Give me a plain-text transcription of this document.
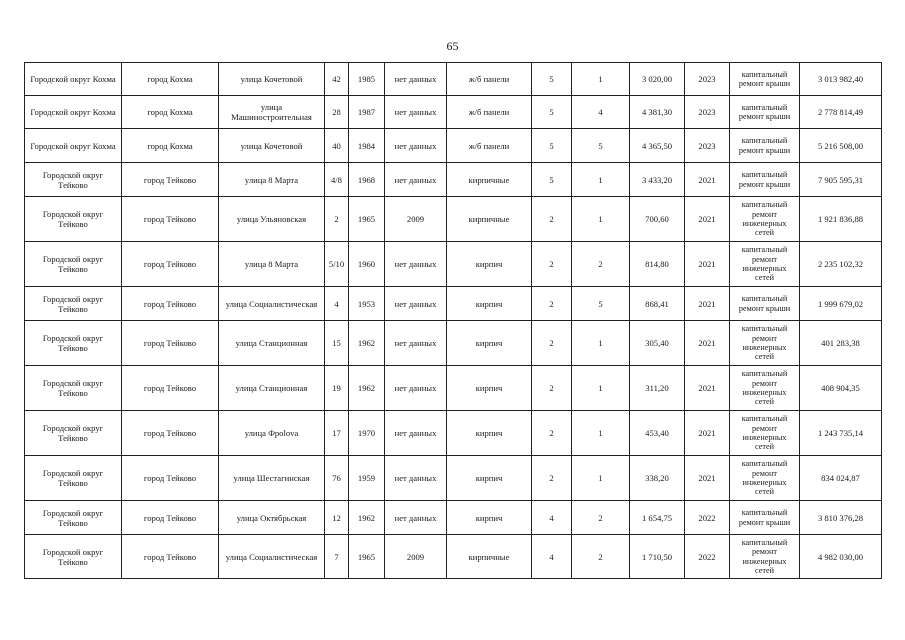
65
Городской округ Кохма	город Кохма	улица Кочетовой	42	1985	нет данных	ж/б панели	5	1	3 020,00	2023	капитальный ремонт крыши	3 013 982,40
Городской округ Кохма	город Кохма	улица Машиностроительная	28	1987	нет данных	ж/б панели	5	4	4 381,30	2023	капитальный ремонт крыши	2 778 814,49
Городской округ Кохма	город Кохма	улица Кочетовой	40	1984	нет данных	ж/б панели	5	5	4 365,50	2023	капитальный ремонт крыши	5 216 508,00
Городской округ Тейково	город Тейково	улица 8 Марта	4/8	1968	нет данных	кирпичные	5	1	3 433,20	2021	капитальный ремонт крыши	7 905 595,31
Городской округ Тейково	город Тейково	улица Ульяновская	2	1965	2009	кирпичные	2	1	700,60	2021	капитальный ремонт инженерных сетей	1 921 836,88
Городской округ Тейково	город Тейково	улица 8 Марта	5/10	1960	нет данных	кирпич	2	2	814,80	2021	капитальный ремонт инженерных сетей	2 235 102,32
Городской округ Тейково	город Тейково	улица Социалистическая	4	1953	нет данных	кирпич	2	5	868,41	2021	капитальный ремонт крыши	1 999 679,02
Городской округ Тейково	город Тейково	улица Станционная	15	1962	нет данных	кирпич	2	1	305,40	2021	капитальный ремонт инженерных сетей	401 283,38
Городской округ Тейково	город Тейково	улица Станционная	19	1962	нет данных	кирпич	2	1	311,20	2021	капитальный ремонт инженерных сетей	408 904,35
Городской округ Тейково	город Тейково	улица Фрolova	17	1970	нет данных	кирпич	2	1	453,40	2021	капитальный ремонт инженерных сетей	1 243 735,14
Городской округ Тейково	город Тейково	улица Шестагинская	76	1959	нет данных	кирпич	2	1	338,20	2021	капитальный ремонт инженерных сетей	834 024,87
Городской округ Тейково	город Тейково	улица Октябрьская	12	1962	нет данных	кирпич	4	2	1 654,75	2022	капитальный ремонт крыши	3 810 376,28
Городской округ Тейково	город Тейково	улица Социалистическая	7	1965	2009	кирпичные	4	2	1 710,50	2022	капитальный ремонт инженерных сетей	4 982 030,00
